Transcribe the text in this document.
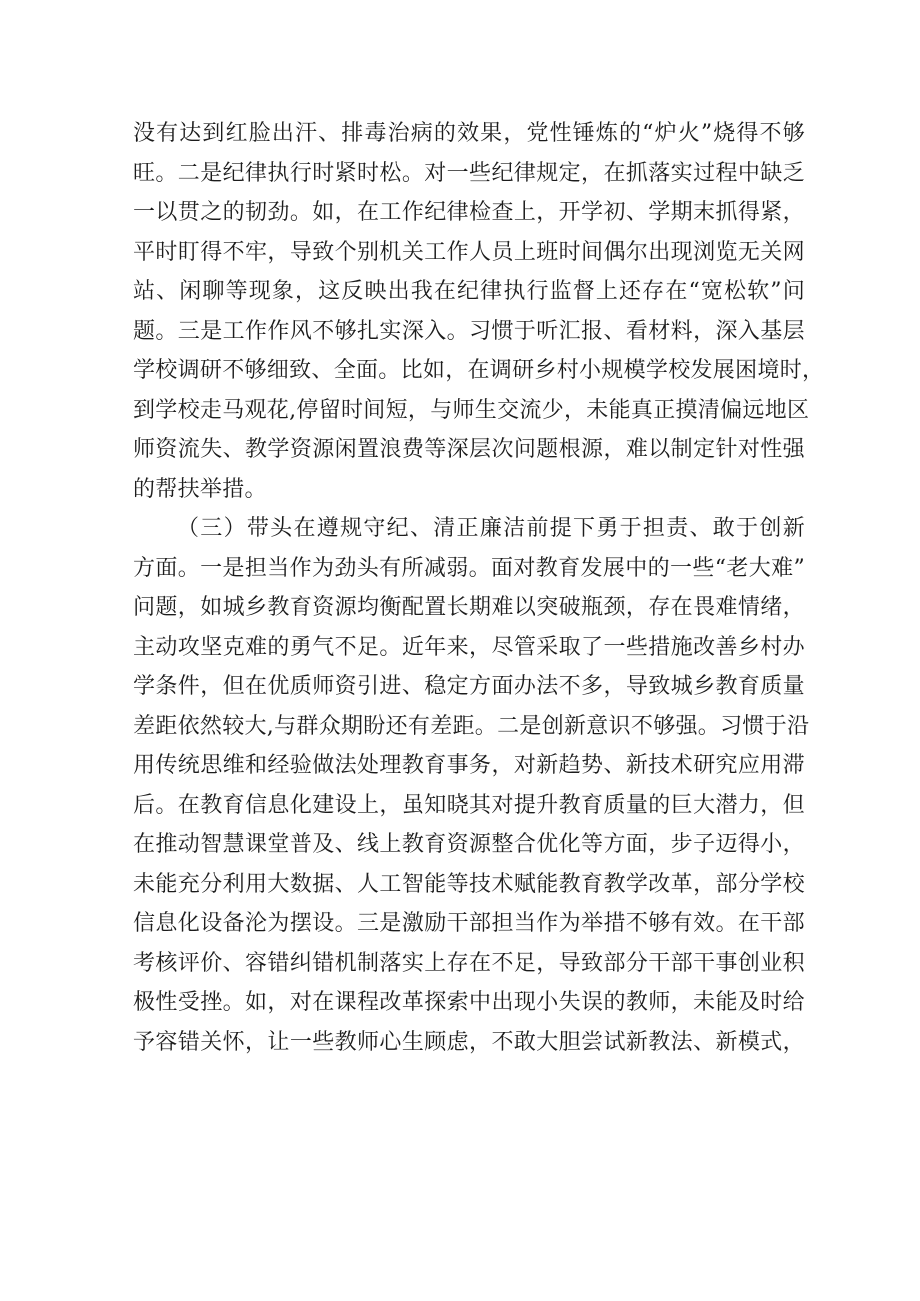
没有达到红脸出汗、排毒治病的效果，党性锤炼的“炉火”烧得不够
旺。二是纪律执行时紧时松。对一些纪律规定，在抓落实过程中缺乏
一以贯之的韧劲。如，在工作纪律检查上，开学初、学期末抓得紧，
平时盯得不牢，导致个别机关工作人员上班时间偶尔出现浏览无关网
站、闲聊等现象，这反映出我在纪律执行监督上还存在“宽松软”问
题。三是工作作风不够扎实深入。习惯于听汇报、看材料，深入基层
学校调研不够细致、全面。比如，在调研乡村小规模学校发展困境时，
到学校走马观花,停留时间短，与师生交流少，未能真正摸清偏远地区
师资流失、教学资源闲置浪费等深层次问题根源，难以制定针对性强
的帮扶举措。
（三）带头在遵规守纪、清正廉洁前提下勇于担责、敢于创新
方面。一是担当作为劲头有所减弱。面对教育发展中的一些“老大难”
问题，如城乡教育资源均衡配置长期难以突破瓶颈，存在畏难情绪，
主动攻坚克难的勇气不足。近年来，尽管采取了一些措施改善乡村办
学条件，但在优质师资引进、稳定方面办法不多，导致城乡教育质量
差距依然较大,与群众期盼还有差距。二是创新意识不够强。习惯于沿
用传统思维和经验做法处理教育事务，对新趋势、新技术研究应用滞
后。在教育信息化建设上，虽知晓其对提升教育质量的巨大潜力，但
在推动智慧课堂普及、线上教育资源整合优化等方面，步子迈得小，
未能充分利用大数据、人工智能等技术赋能教育教学改革，部分学校
信息化设备沦为摆设。三是激励干部担当作为举措不够有效。在干部
考核评价、容错纠错机制落实上存在不足，导致部分干部干事创业积
极性受挫。如，对在课程改革探索中出现小失误的教师，未能及时给
予容错关怀，让一些教师心生顾虑，不敢大胆尝试新教法、新模式，
